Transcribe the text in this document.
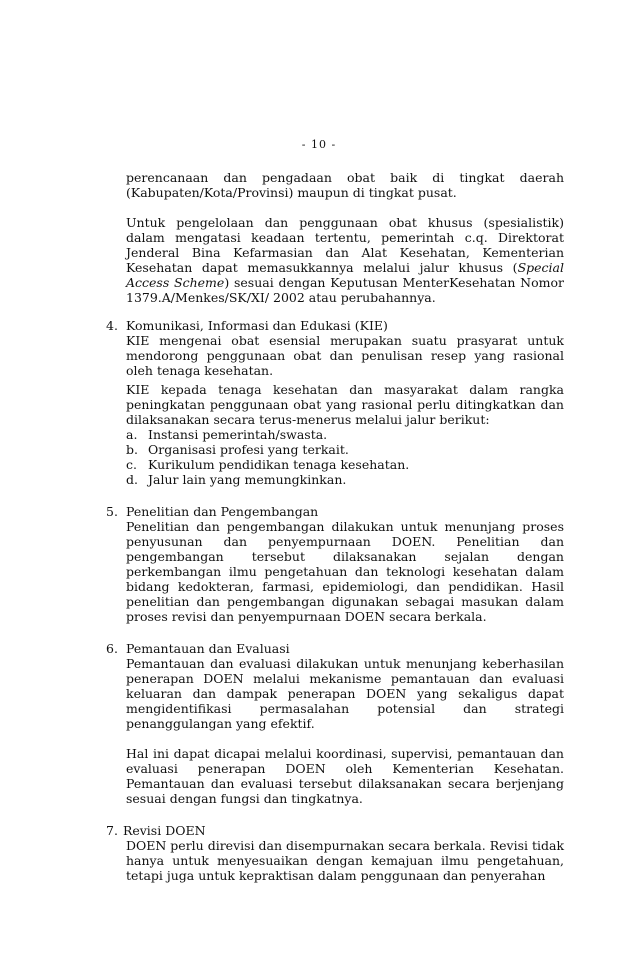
- 10 -

perencanaan dan pengadaan obat baik di tingkat daerah (Kabupaten/Kota/Provinsi) maupun di tingkat pusat.

Untuk pengelolaan dan penggunaan obat khusus (spesialistik) dalam mengatasi keadaan tertentu, pemerintah c.q. Direktorat Jenderal Bina Kefarmasian dan Alat Kesehatan, Kementerian Kesehatan dapat memasukkannya melalui jalur khusus (Special Access Scheme) sesuai dengan Keputusan MenterKesehatan Nomor 1379.A/Menkes/SK/XI/ 2002 atau perubahannya.

4. Komunikasi, Informasi dan Edukasi (KIE)

KIE mengenai obat esensial merupakan suatu prasyarat untuk mendorong penggunaan obat dan penulisan resep yang rasional oleh tenaga kesehatan.

KIE kepada tenaga kesehatan dan masyarakat dalam rangka peningkatan penggunaan obat yang rasional perlu ditingkatkan dan dilaksanakan secara terus-menerus melalui jalur berikut:

a. Instansi pemerintah/swasta.
b. Organisasi profesi yang terkait.
c. Kurikulum pendidikan tenaga kesehatan.
d. Jalur lain yang memungkinkan.
5. Penelitian dan Pengembangan

Penelitian dan pengembangan dilakukan untuk menunjang proses penyusunan dan penyempurnaan DOEN. Penelitian dan pengembangan tersebut dilaksanakan sejalan dengan perkembangan ilmu pengetahuan dan teknologi kesehatan dalam bidang kedokteran, farmasi, epidemiologi, dan pendidikan. Hasil penelitian dan pengembangan digunakan sebagai masukan dalam proses revisi dan penyempurnaan DOEN secara berkala.

6. Pemantauan dan Evaluasi

Pemantauan dan evaluasi dilakukan untuk menunjang keberhasilan penerapan DOEN melalui mekanisme pemantauan dan evaluasi keluaran dan dampak penerapan DOEN yang sekaligus dapat mengidentifikasi permasalahan potensial dan strategi penanggulangan yang efektif.

Hal ini dapat dicapai melalui koordinasi, supervisi, pemantauan dan evaluasi penerapan DOEN oleh Kementerian Kesehatan. Pemantauan dan evaluasi tersebut dilaksanakan secara berjenjang sesuai dengan fungsi dan tingkatnya.

7. Revisi DOEN

DOEN perlu direvisi dan disempurnakan secara berkala. Revisi tidak hanya untuk menyesuaikan dengan kemajuan ilmu pengetahuan, tetapi juga untuk kepraktisan dalam penggunaan dan penyerahan
